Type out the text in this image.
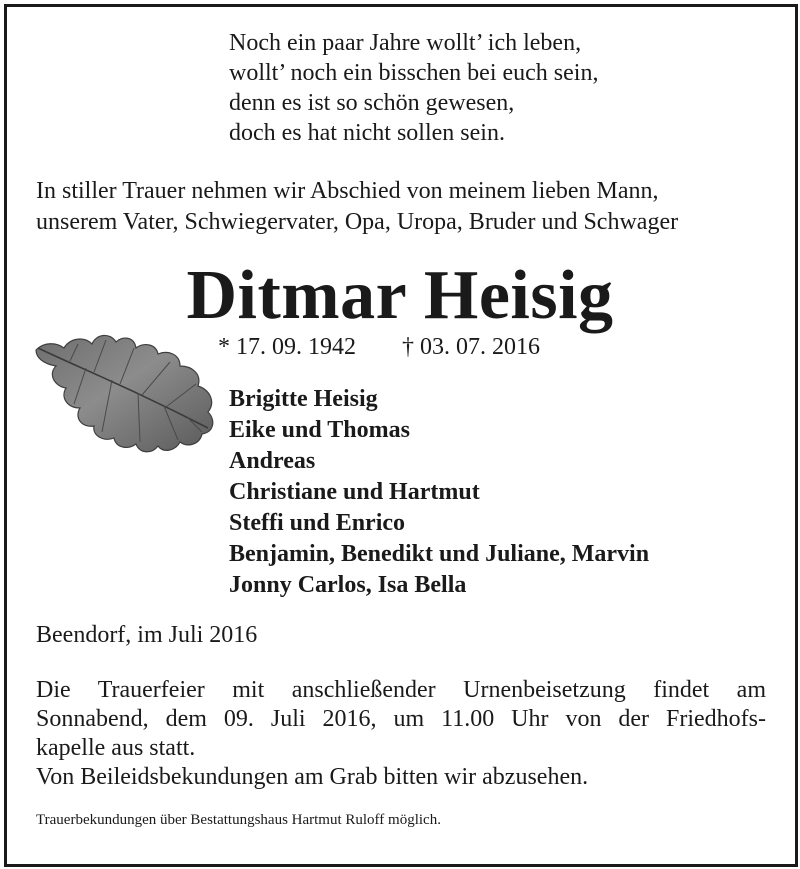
Noch ein paar Jahre wollt’ ich leben,
wollt’ noch ein bisschen bei euch sein,
denn es ist so schön gewesen,
doch es hat nicht sollen sein.
In stiller Trauer nehmen wir Abschied von meinem lieben Mann,
unserem Vater, Schwiegervater, Opa, Uropa, Bruder und Schwager
Ditmar Heisig
* 17. 09. 1942 † 03. 07. 2016
Brigitte Heisig
Eike und Thomas
Andreas
Christiane und Hartmut
Steffi und Enrico
Benjamin, Benedikt und Juliane, Marvin
Jonny Carlos, Isa Bella
Beendorf, im Juli 2016
Die Trauerfeier mit anschließender Urnenbeisetzung findet am
Sonnabend, dem 09. Juli 2016, um 11.00 Uhr von der Friedhofs-
kapelle aus statt.
Von Beileidsbekundungen am Grab bitten wir abzusehen.
Trauerbekundungen über Bestattungshaus Hartmut Ruloff möglich.
